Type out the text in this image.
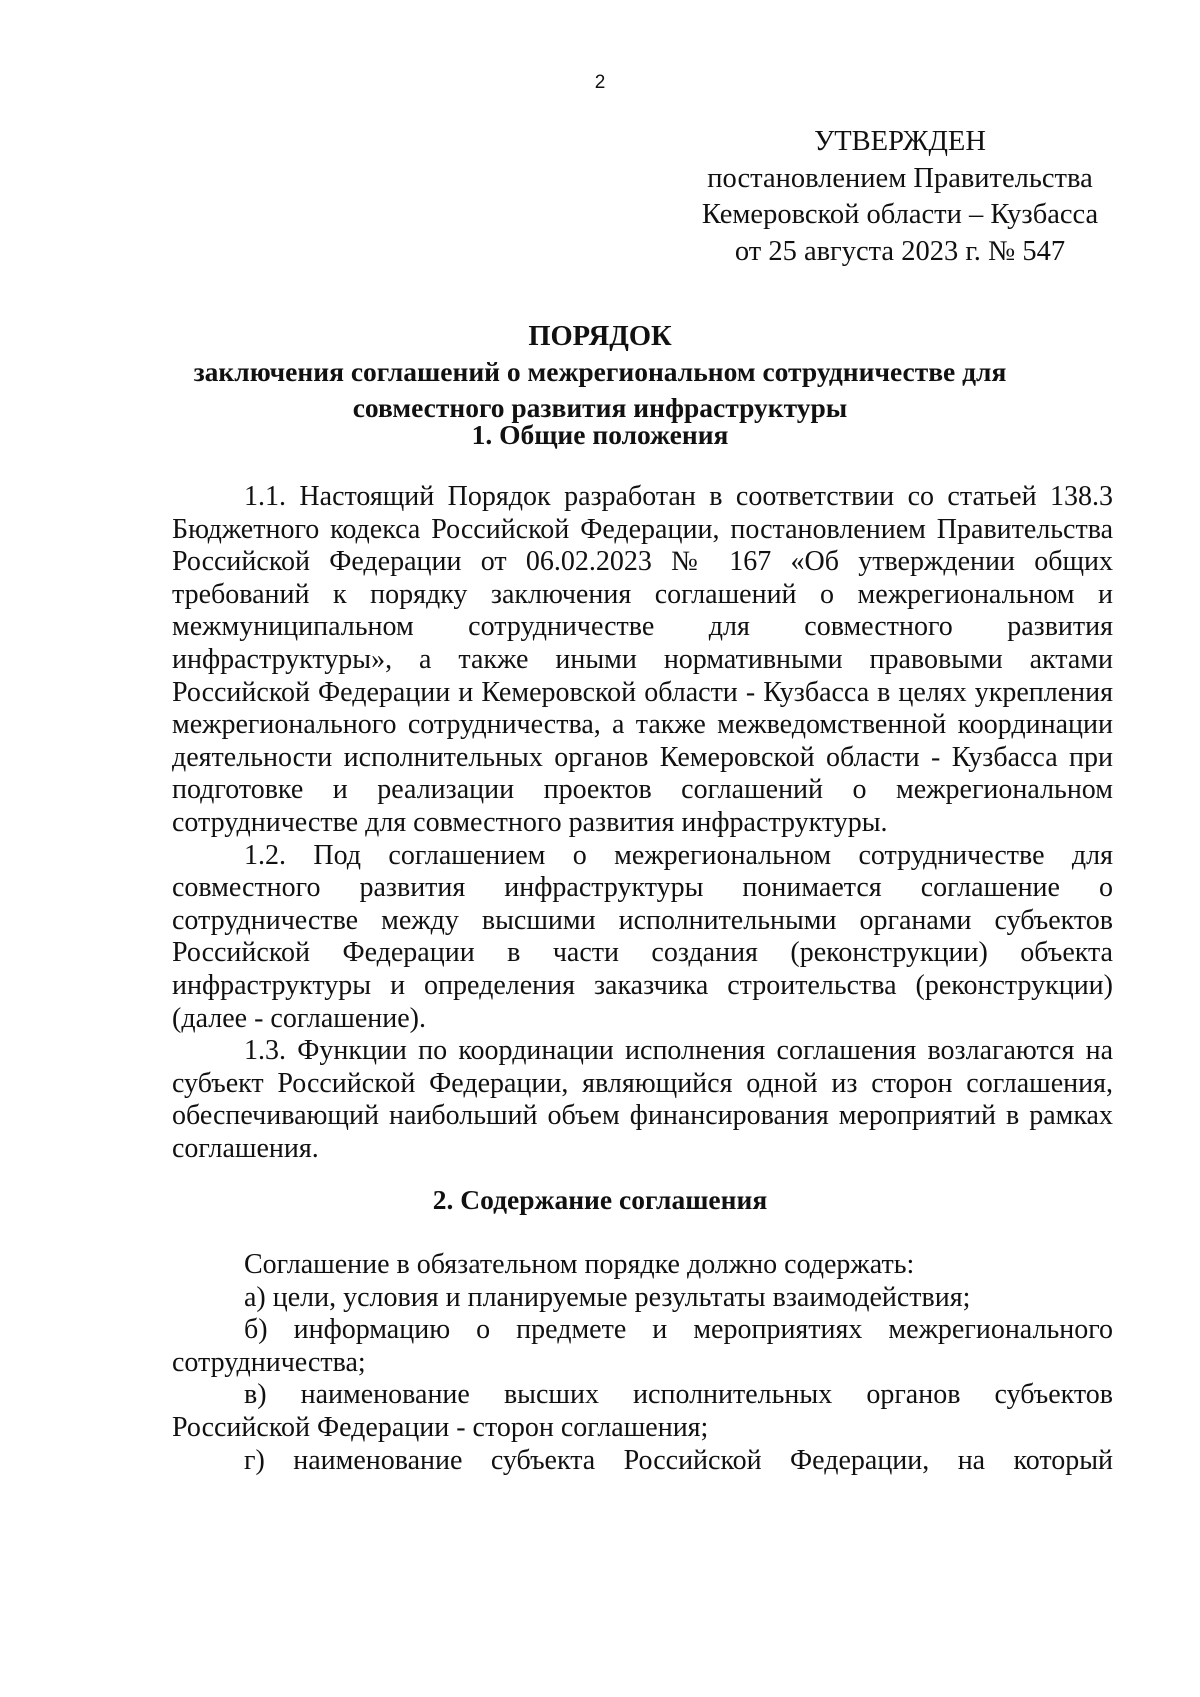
2
УТВЕРЖДЕН
постановлением Правительства
Кемеровской области – Кузбасса
от 25 августа 2023 г. № 547
ПОРЯДОК
заключения соглашений о межрегиональном сотрудничестве для совместного развития инфраструктуры
1. Общие положения

1.1. Настоящий Порядок разработан в соответствии со статьей 138.3 Бюджетного кодекса Российской Федерации, постановлением Правительства Российской Федерации от 06.02.2023 № 167 «Об утверждении общих требований к порядку заключения соглашений о межрегиональном и межмуниципальном сотрудничестве для совместного развития инфраструктуры», а также иными нормативными правовыми актами Российской Федерации и Кемеровской области - Кузбасса в целях укрепления межрегионального сотрудничества, а также межведомственной координации деятельности исполнительных органов Кемеровской области - Кузбасса при подготовке и реализации проектов соглашений о межрегиональном сотрудничестве для совместного развития инфраструктуры.

1.2. Под соглашением о межрегиональном сотрудничестве для совместного развития инфраструктуры понимается соглашение о сотрудничестве между высшими исполнительными органами субъектов Российской Федерации в части создания (реконструкции) объекта инфраструктуры и определения заказчика строительства (реконструкции) (далее - соглашение).

1.3. Функции по координации исполнения соглашения возлагаются на субъект Российской Федерации, являющийся одной из сторон соглашения, обеспечивающий наибольший объем финансирования мероприятий в рамках соглашения.

2. Содержание соглашения

Соглашение в обязательном порядке должно содержать:

а) цели, условия и планируемые результаты взаимодействия;

б) информацию о предмете и мероприятиях межрегионального сотрудничества;

в) наименование высших исполнительных органов субъектов Российской Федерации - сторон соглашения;

г) наименование субъекта Российской Федерации, на который
